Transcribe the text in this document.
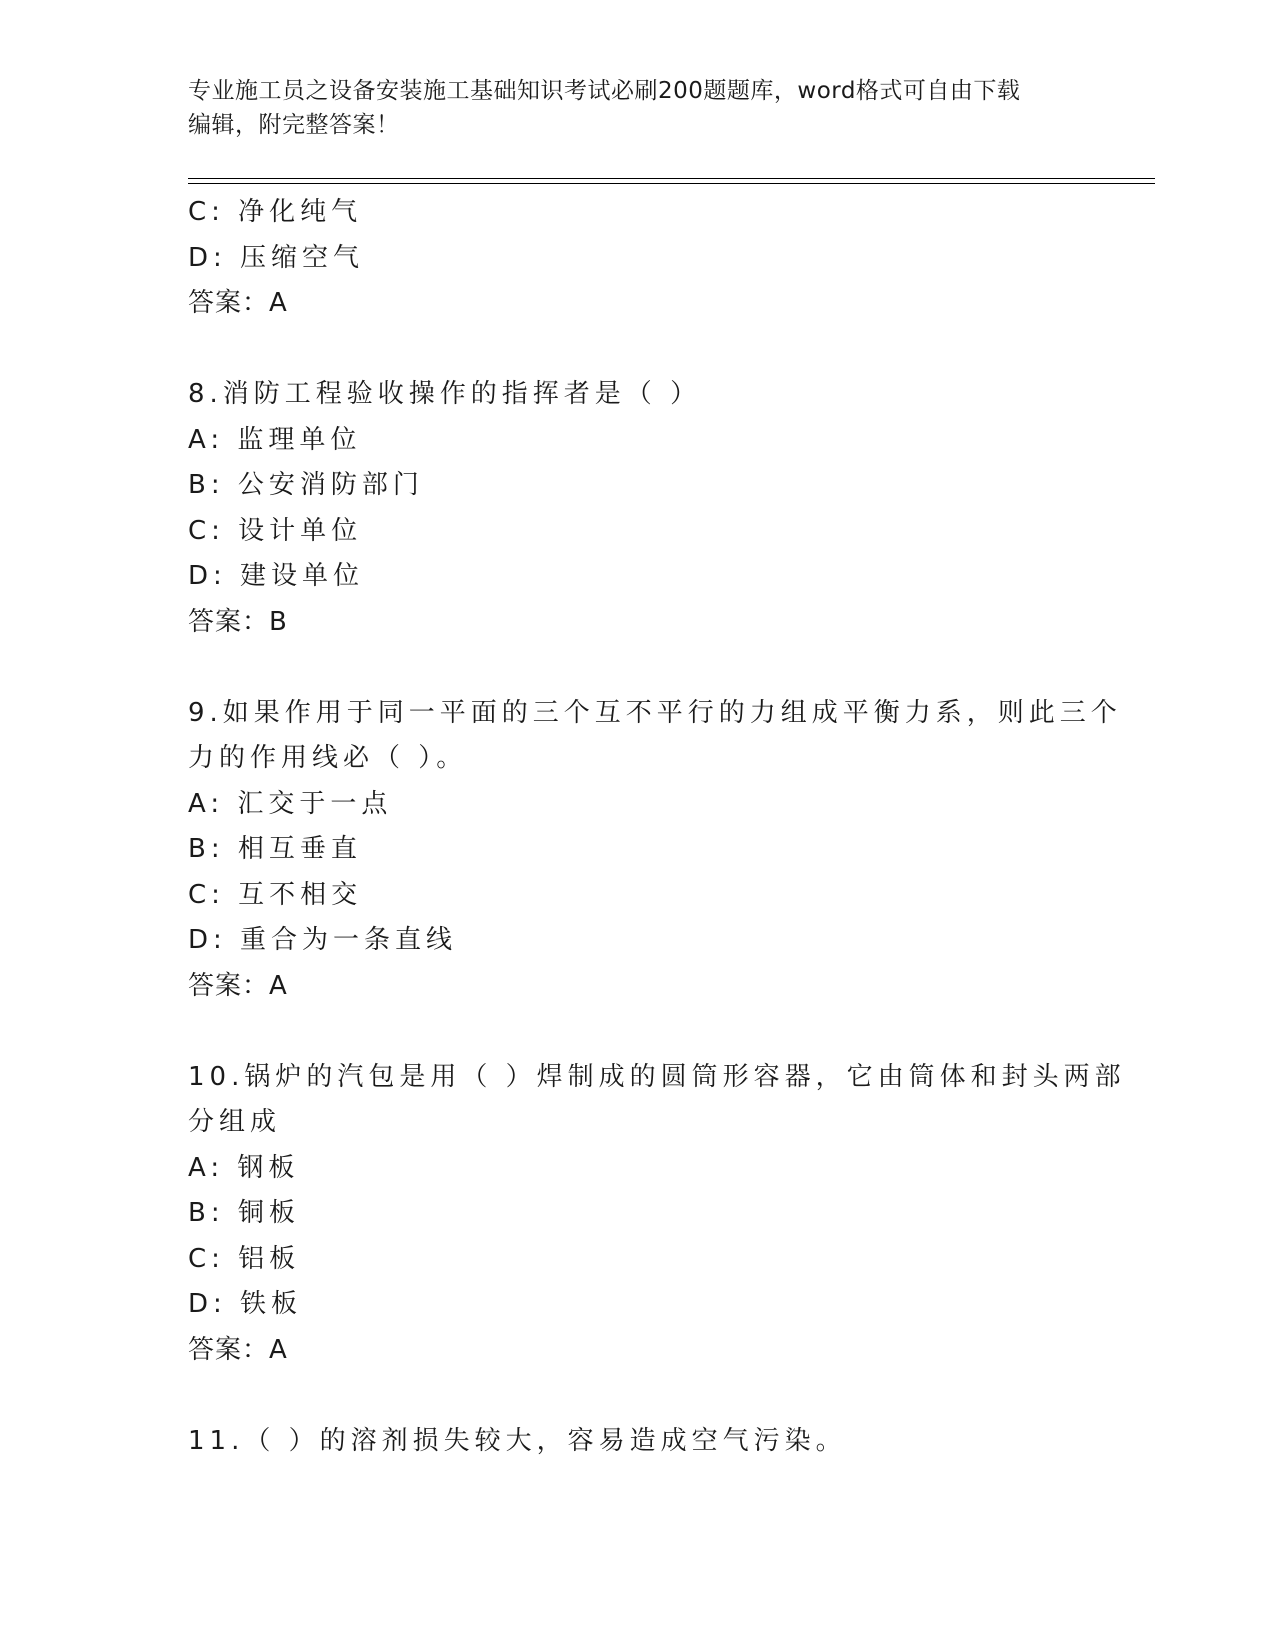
专业施工员之设备安装施工基础知识考试必刷200题题库，word格式可自由下载
编辑，附完整答案！
C: 净化纯气
D: 压缩空气
答案：A
8.消防工程验收操作的指挥者是（ ）
A: 监理单位
B: 公安消防部门
C: 设计单位
D: 建设单位
答案：B
9.如果作用于同一平面的三个互不平行的力组成平衡力系，则此三个
力的作用线必（ ）。
A: 汇交于一点
B: 相互垂直
C: 互不相交
D: 重合为一条直线
答案：A
10.锅炉的汽包是用（ ）焊制成的圆筒形容器，它由筒体和封头两部
分组成
A: 钢板
B: 铜板
C: 铝板
D: 铁板
答案：A
11.（ ）的溶剂损失较大，容易造成空气污染。
